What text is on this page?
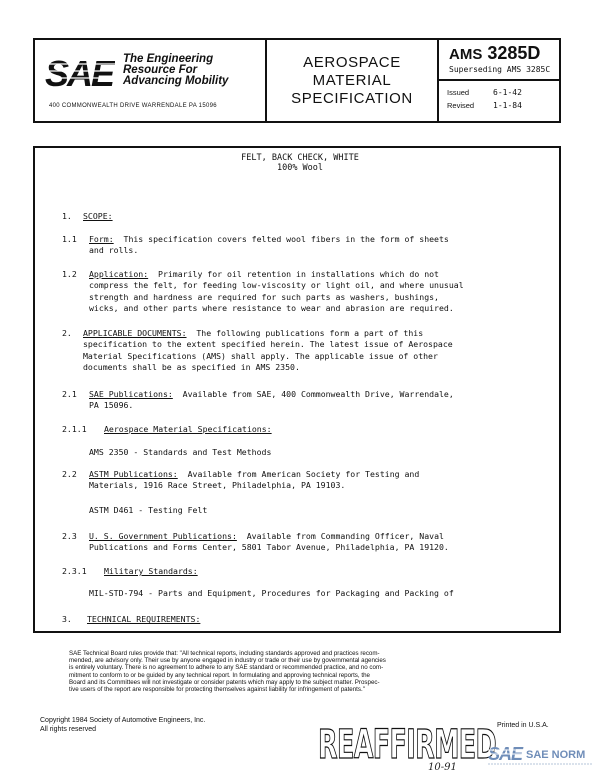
SAE The Engineering
Resource For
Advancing Mobility
400 COMMONWEALTH DRIVE WARRENDALE PA 15096
AEROSPACE
MATERIAL
SPECIFICATION
AMS 3285D
Superseding AMS 3285C
Issued	6-1-42
Revised 1-1-84
FELT, BACK CHECK, WHITE
100% Wool
1. SCOPE:
1.1 Form: This specification covers felted wool fibers in the form of sheets
and rolls.
1.2 Application: Primarily for oil retention in installations which do not
compress the felt, for feeding low-viscosity or light oil, and where unusual
strength and hardness are required for such parts as washers, bushings,
wicks, and other parts where resistance to wear and abrasion are required.
2. APPLICABLE DOCUMENTS: The following publications form a part of this
specification to the extent specified herein. The latest issue of Aerospace
Material Specifications (AMS) shall apply. The applicable issue of other
documents shall be as specified in AMS 2350.
2.1 SAE Publications: Available from SAE, 400 Commonwealth Drive, Warrendale,
PA 15096.
2.1.1 Aerospace Material Specifications:
AMS 2350 - Standards and Test Methods
2.2 ASTM Publications: Available from American Society for Testing and
Materials, 1916 Race Street, Philadelphia, PA 19103.
ASTM D461 - Testing Felt
2.3 U. S. Government Publications: Available from Commanding Officer, Naval
Publications and Forms Center, 5801 Tabor Avenue, Philadelphia, PA 19120.
2.3.1 Military Standards:
MIL-STD-794 - Parts and Equipment, Procedures for Packaging and Packing of
3. TECHNICAL REQUIREMENTS:
SAE Technical Board rules provide that: "All technical reports, including standards approved and practices recom-
mended, are advisory only. Their use by anyone engaged in industry or trade or their use by governmental agencies
is entirely voluntary. There is no agreement to adhere to any SAE standard or recommended practice, and no com-
mitment to conform to or be guided by any technical report. In formulating and approving technical reports, the
Board and its Committees will not investigate or consider patents which may apply to the subject matter. Prospec-
tive users of the report are responsible for protecting themselves against liability for infringement of patents."
Copyright 1984 Society of Automotive Engineers, Inc.
All rights reserved	REAFFIRMED Printed in U.S.A.
SAE SAE NORM
10-91
